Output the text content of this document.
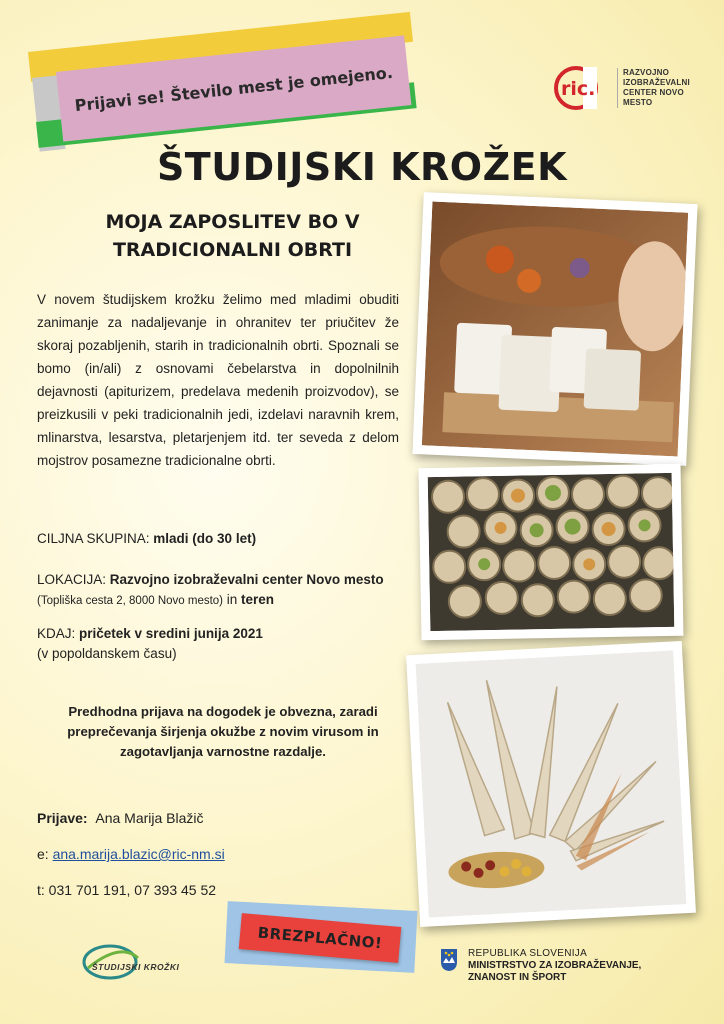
Prijavi se! Število mest je omejeno.	ric.
RAZVOJNO
IZOBRAŽEVALNI
CENTER NOVO MESTO
ŠTUDIJSKI KROŽEK
MOJA ZAPOSLITEV BO V
TRADICIONALNI OBRTI

V novem študijskem krožku želimo med mladimi obuditi zanimanje za nadaljevanje in ohranitev ter priučitev že skoraj pozabljenih, starih in tradicionalnih obrti. Spoznali se bomo (in/ali) z osnovami čebelarstva in dopolnilnih dejavnosti (apiturizem, predelava medenih proizvodov), se preizkusili v peki tradicionalnih jedi, izdelavi naravnih krem, mlinarstva, lesarstva, pletarjenjem itd. ter seveda z delom mojstrov posamezne tradicionalne obrti.

CILJNA SKUPINA: mladi (do 30 let)
LOKACIJA: Razvojno izobraževalni center Novo mesto
(Topliška cesta 2, 8000 Novo mesto) in teren
KDAJ: pričetek v sredini junija 2021
(v popoldanskem času)
Predhodna prijava na dogodek je obvezna, zaradi
preprečevanja širjenja okužbe z novim virusom in
zagotavljanja varnostne razdalje.
Prijave: Ana Marija Blažič
e: ana.marija.blazic@ric-nm.si
t: 031 701 191, 07 393 45 52
BREZPLAČNO!
ŠTUDIJSKI KROŽKI
REPUBLIKA SLOVENIJA
MINISTRSTVO ZA IZOBRAŽEVANJE,
ZNANOST IN ŠPORT
